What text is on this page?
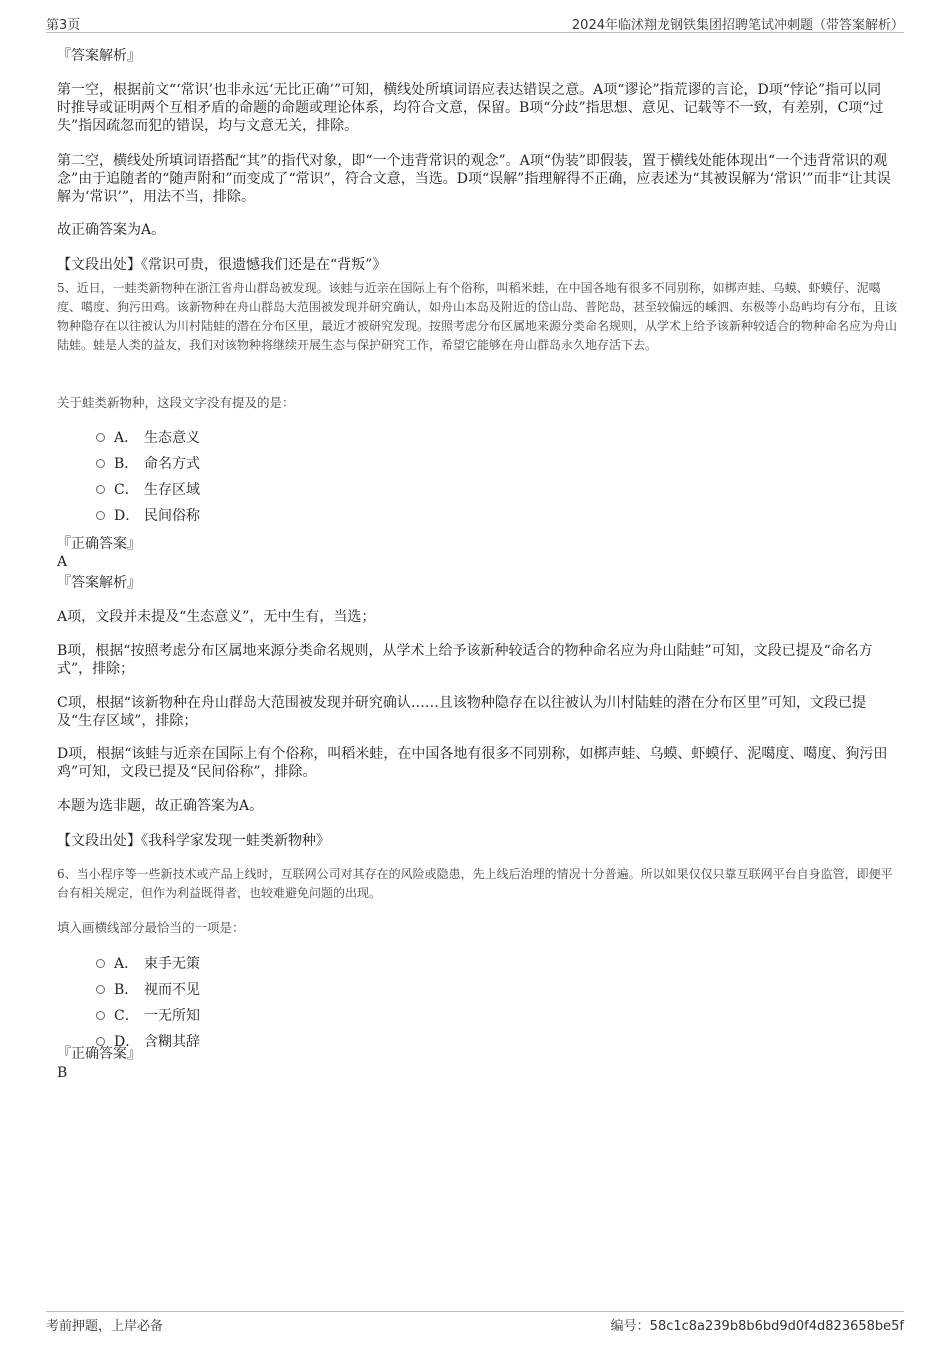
第3页	2024年临沭翔龙钢铁集团招聘笔试冲刺题（带答案解析）

『答案解析』

第一空，根据前文“‘常识’也非永远‘无比正确’”可知，横线处所填词语应表达错误之意。A项“谬论”指荒谬的言论，D项“悖论”指可以同时推导或证明两个互相矛盾的命题的命题或理论体系，均符合文意，保留。B项“分歧”指思想、意见、记载等不一致，有差别，C项“过失”指因疏忽而犯的错误，均与文意无关，排除。

第二空，横线处所填词语搭配“其”的指代对象，即“一个违背常识的观念”。A项“伪装”即假装，置于横线处能体现出“一个违背常识的观念”由于追随者的“随声附和”而变成了“常识”，符合文意，当选。D项“误解”指理解得不正确，应表述为“其被误解为‘常识’”而非“让其误解为‘常识’”，用法不当，排除。

故正确答案为A。

【文段出处】《常识可贵，很遗憾我们还是在“背叛”》

5、近日，一蛙类新物种在浙江省舟山群岛被发现。该蛙与近亲在国际上有个俗称，叫稻米蛙，在中国各地有很多不同别称，如梆声蛙、乌蟆、虾蟆仔、泥噶度、噶度、狗污田鸡。该新物种在舟山群岛大范围被发现并研究确认，如舟山本岛及附近的岱山岛、普陀岛，甚至较偏远的嵊泗、东极等小岛屿均有分布，且该物种隐存在以往被认为川村陆蛙的潜在分布区里，最近才被研究发现。按照考虑分布区属地来源分类命名规则，从学术上给予该新种较适合的物种命名应为舟山陆蛙。蛙是人类的益友，我们对该物种将继续开展生态与保护研究工作，希望它能够在舟山群岛永久地存活下去。

关于蛙类新物种，这段文字没有提及的是：

A． 生态意义
B． 命名方式
C． 生存区域
D． 民间俗称

『正确答案』

A

『答案解析』

A项，文段并未提及“生态意义”，无中生有，当选；

B项，根据“按照考虑分布区属地来源分类命名规则，从学术上给予该新种较适合的物种命名应为舟山陆蛙”可知，文段已提及“命名方式”，排除；

C项，根据“该新物种在舟山群岛大范围被发现并研究确认……且该物种隐存在以往被认为川村陆蛙的潜在分布区里”可知，文段已提及“生存区域”，排除；

D项，根据“该蛙与近亲在国际上有个俗称，叫稻米蛙，在中国各地有很多不同别称，如梆声蛙、乌蟆、虾蟆仔、泥噶度、噶度、狗污田鸡”可知，文段已提及“民间俗称”，排除。

本题为选非题，故正确答案为A。

【文段出处】《我科学家发现一蛙类新物种》

6、当小程序等一些新技术或产品上线时，互联网公司对其存在的风险或隐患，先上线后治理的情况十分普遍。所以如果仅仅只靠互联网平台自身监管，即便平台有相关规定，但作为利益既得者，也较难避免问题的出现。

填入画横线部分最恰当的一项是：

A． 束手无策
B． 视而不见
C． 一无所知
D． 含糊其辞

『正确答案』

B

考前押题，上岸必备	编号：58c1c8a239b8b6bd9d0f4d823658be5f
